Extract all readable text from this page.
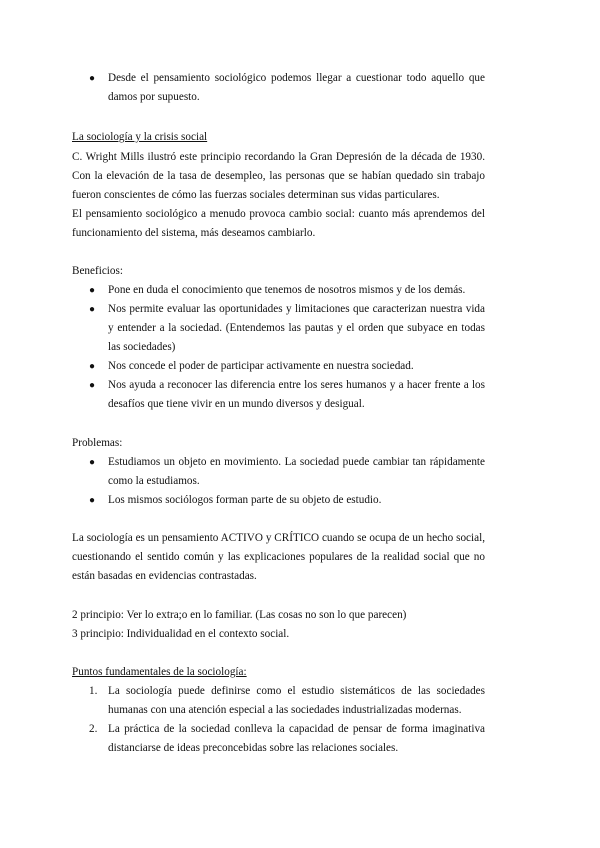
● Desde el pensamiento sociológico podemos llegar a cuestionar todo aquello que damos por supuesto.
La sociología y la crisis social
C. Wright Mills ilustró este principio recordando la Gran Depresión de la década de 1930. Con la elevación de la tasa de desempleo, las personas que se habían quedado sin trabajo fueron conscientes de cómo las fuerzas sociales determinan sus vidas particulares.
El pensamiento sociológico a menudo provoca cambio social: cuanto más aprendemos del funcionamiento del sistema, más deseamos cambiarlo.
Beneficios:
● Pone en duda el conocimiento que tenemos de nosotros mismos y de los demás.
● Nos permite evaluar las oportunidades y limitaciones que caracterizan nuestra vida y entender a la sociedad. (Entendemos las pautas y el orden que subyace en todas las sociedades)
● Nos concede el poder de participar activamente en nuestra sociedad.
● Nos ayuda a reconocer las diferencia entre los seres humanos y a hacer frente a los desafíos que tiene vivir en un mundo diversos y desigual.
Problemas:
● Estudiamos un objeto en movimiento. La sociedad puede cambiar tan rápidamente como la estudiamos.
● Los mismos sociólogos forman parte de su objeto de estudio.
La sociología es un pensamiento ACTIVO y CRÍTICO cuando se ocupa de un hecho social, cuestionando el sentido común y las explicaciones populares de la realidad social que no están basadas en evidencias contrastadas.
2 principio: Ver lo extra;o en lo familiar. (Las cosas no son lo que parecen)
3 principio: Individualidad en el contexto social.
Puntos fundamentales de la sociología:
1. La sociología puede definirse como el estudio sistemáticos de las sociedades humanas con una atención especial a las sociedades industrializadas modernas.
2. La práctica de la sociedad conlleva la capacidad de pensar de forma imaginativa distanciarse de ideas preconcebidas sobre las relaciones sociales.
